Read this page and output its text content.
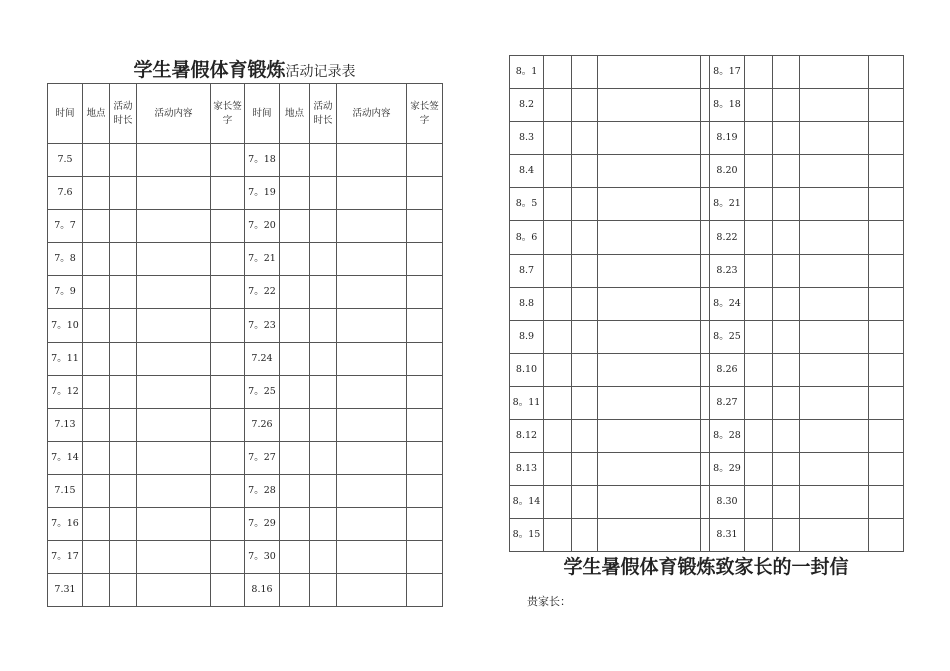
学生暑假体育锻炼活动记录表
时间	地点	活动时长	活动内容	家长签字	时间	地点	活动时长	活动内容	家长签字
7.5					7。18				
7.6					7。19				
7。7					7。20				
7。8					7。21				
7。9					7。22				
7。10					7。23				
7。11					7.24				
7。12					7。25				
7.13					7.26				
7。14					7。27				
7.15					7。28				
7。16					7。29				
7。17					7。30				
7.31					8.16				
8。1					8。17				
8.2					8。18				
8.3					8.19				
8.4					8.20				
8。5					8。21				
8。6					8.22				
8.7					8.23				
8.8					8。24				
8.9					8。25				
8.10					8.26				
8。11					8.27				
8.12					8。28				
8.13					8。29				
8。14					8.30				
8。15					8.31				
学生暑假体育锻炼致家长的一封信
贵家长：
